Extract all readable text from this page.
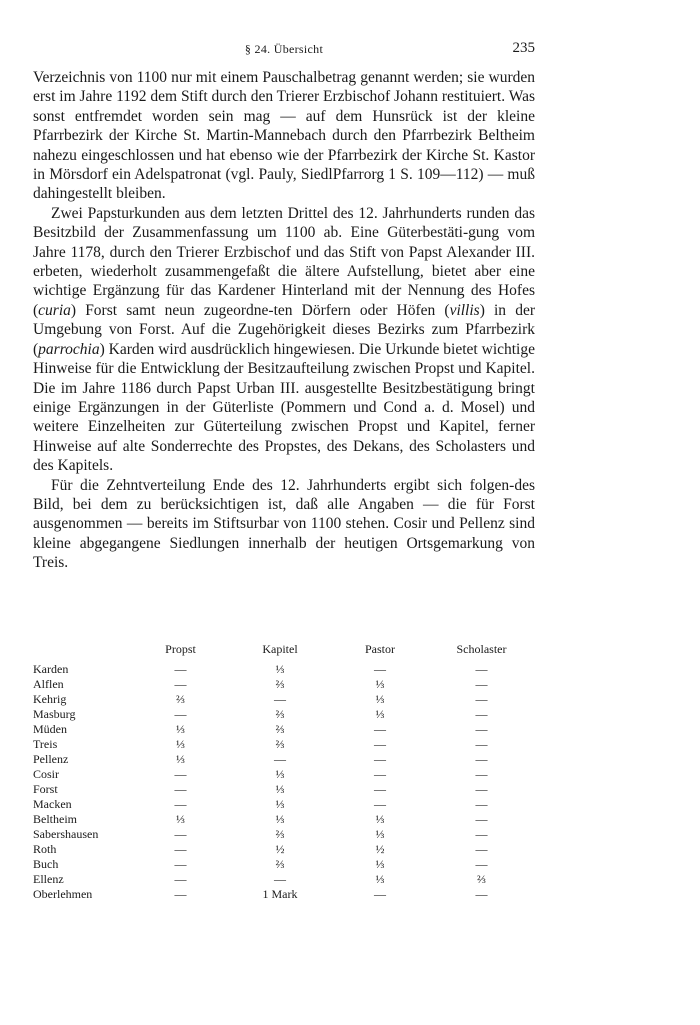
§ 24. Übersicht	235

Verzeichnis von 1100 nur mit einem Pauschalbetrag genannt werden; sie wurden erst im Jahre 1192 dem Stift durch den Trierer Erzbischof Johann restituiert. Was sonst entfremdet worden sein mag — auf dem Hunsrück ist der kleine Pfarrbezirk der Kirche St. Martin-Mannebach durch den Pfarrbezirk Beltheim nahezu eingeschlossen und hat ebenso wie der Pfarrbezirk der Kirche St. Kastor in Mörsdorf ein Adelspatronat (vgl. Pauly, SiedlPfarrorg 1 S. 109—112) — muß dahingestellt bleiben.

Zwei Papsturkunden aus dem letzten Drittel des 12. Jahrhunderts runden das Besitzbild der Zusammenfassung um 1100 ab. Eine Güterbestäti-gung vom Jahre 1178, durch den Trierer Erzbischof und das Stift von Papst Alexander III. erbeten, wiederholt zusammengefaßt die ältere Aufstellung, bietet aber eine wichtige Ergänzung für das Kardener Hinterland mit der Nennung des Hofes (curia) Forst samt neun zugeordne-ten Dörfern oder Höfen (villis) in der Umgebung von Forst. Auf die Zugehörigkeit dieses Bezirks zum Pfarrbezirk (parrochia) Karden wird ausdrücklich hingewiesen. Die Urkunde bietet wichtige Hinweise für die Entwicklung der Besitzaufteilung zwischen Propst und Kapitel. Die im Jahre 1186 durch Papst Urban III. ausgestellte Besitzbestätigung bringt einige Ergänzungen in der Güterliste (Pommern und Cond a. d. Mosel) und weitere Einzelheiten zur Güterteilung zwischen Propst und Kapitel, ferner Hinweise auf alte Sonderrechte des Propstes, des Dekans, des Scholasters und des Kapitels.

Für die Zehntverteilung Ende des 12. Jahrhunderts ergibt sich folgen-des Bild, bei dem zu berücksichtigen ist, daß alle Angaben — die für Forst ausgenommen — bereits im Stiftsurbar von 1100 stehen. Cosir und Pellenz sind kleine abgegangene Siedlungen innerhalb der heutigen Ortsgemarkung von Treis.

	Propst	Kapitel	Pastor	Scholaster
Karden	—	⅓	—	—
Alflen	—	⅔	⅓	—
Kehrig	⅔	—	⅓	—
Masburg	—	⅔	⅓	—
Müden	⅓	⅔	—	—
Treis	⅓	⅔	—	—
Pellenz	⅓	—	—	—
Cosir	—	⅓	—	—
Forst	—	⅓	—	—
Macken	—	⅓	—	—
Beltheim	⅓	⅓	⅓	—
Sabershausen	—	⅔	⅓	—
Roth	—	½	½	—
Buch	—	⅔	⅓	—
Ellenz	—	—	⅓	⅔
Oberlehmen	—	1 Mark	—	—
